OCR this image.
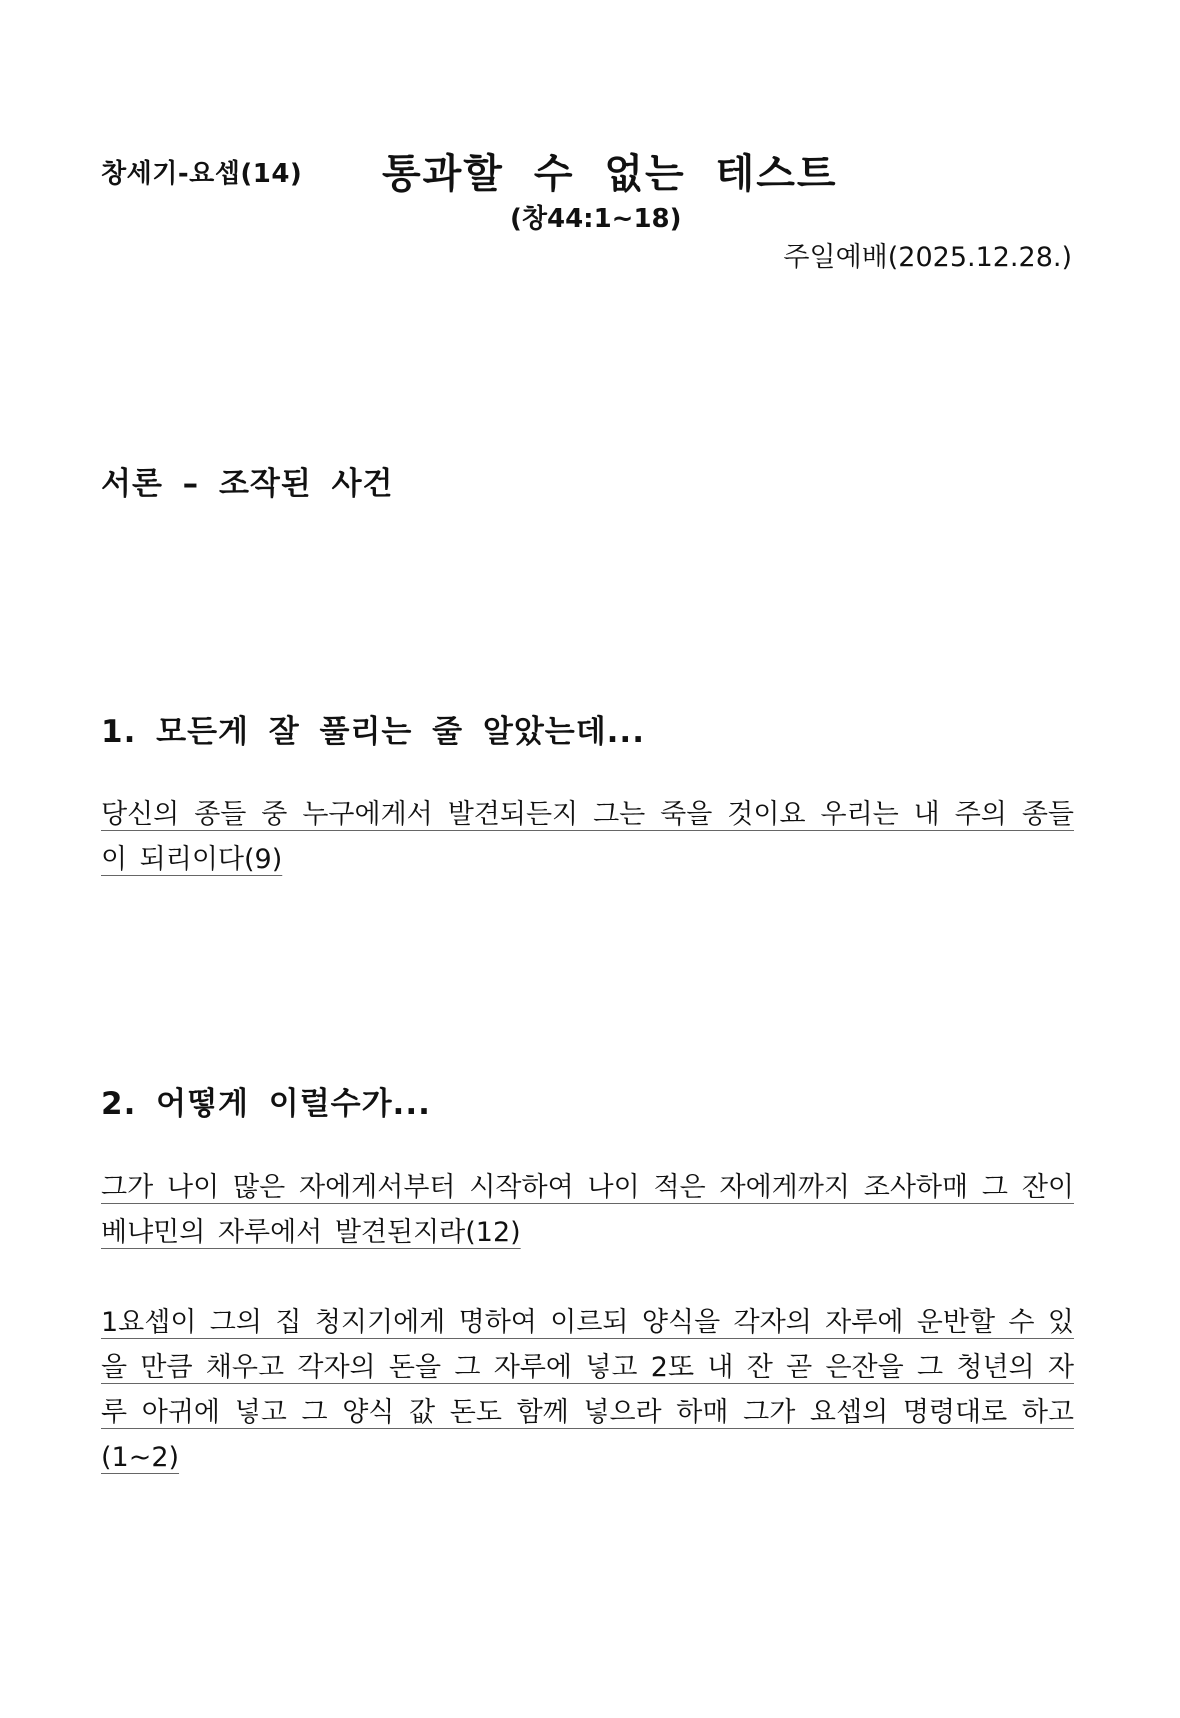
창세기-요셉(14) 통과할 수 없는 테스트
(창44:1~18)
주일예배(2025.12.28.)
서론 – 조작된 사건
1. 모든게 잘 풀리는 줄 알았는데...
당신의 종들 중 누구에게서 발견되든지 그는 죽을 것이요 우리는 내 주의 종들이 되리이다(9)
2. 어떻게 이럴수가...
그가 나이 많은 자에게서부터 시작하여 나이 적은 자에게까지 조사하매 그 잔이 베냐민의 자루에서 발견된지라(12)
1요셉이 그의 집 청지기에게 명하여 이르되 양식을 각자의 자루에 운반할 수 있을 만큼 채우고 각자의 돈을 그 자루에 넣고 2또 내 잔 곧 은잔을 그 청년의 자루 아귀에 넣고 그 양식 값 돈도 함께 넣으라 하매 그가 요셉의 명령대로 하고(1~2)
